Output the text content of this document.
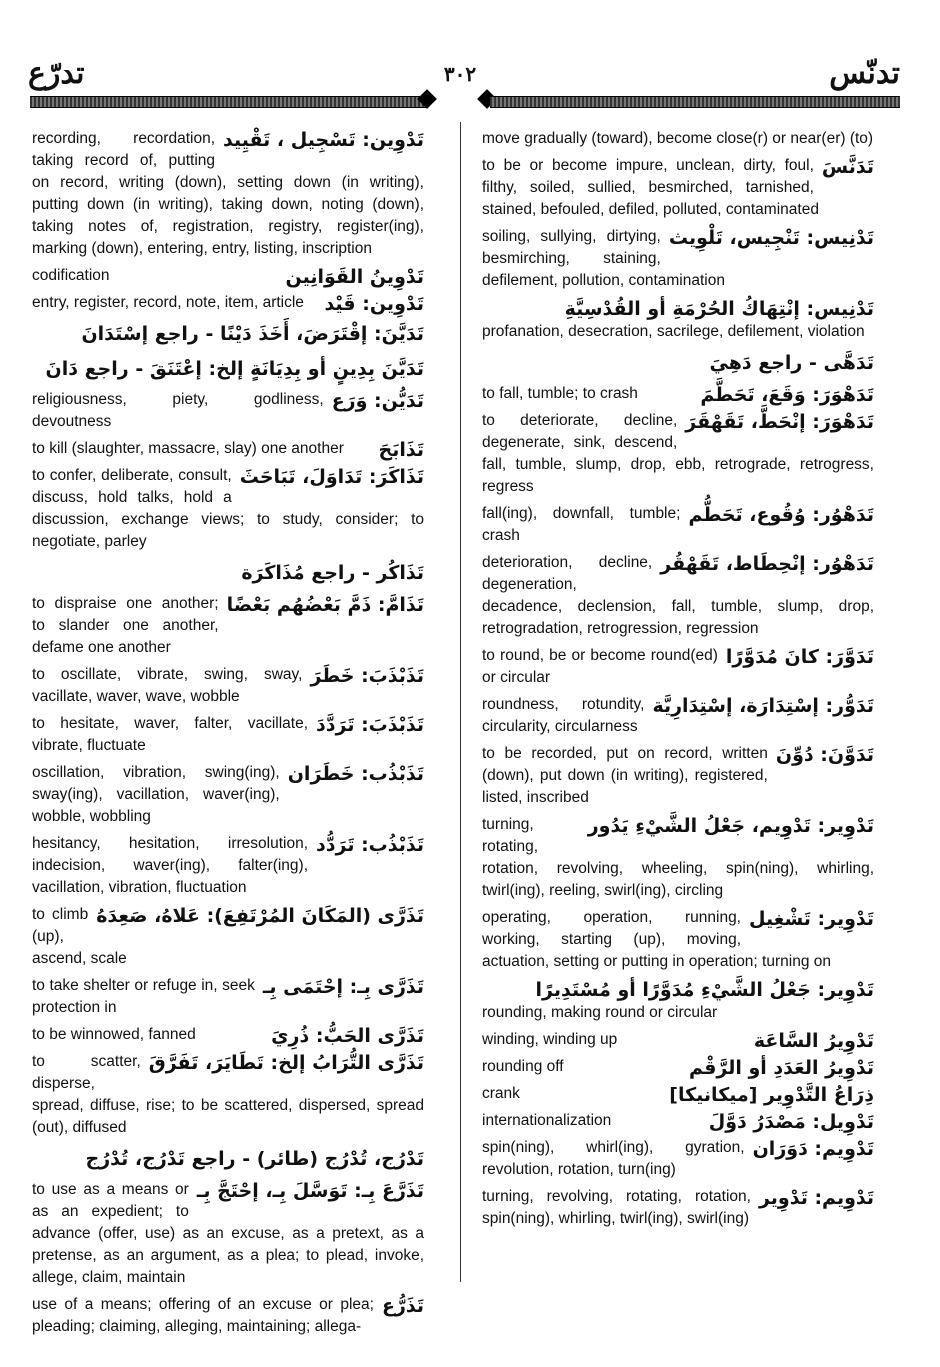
تدرّع	٣٠٢	تدنّس
تَدْوِين: تَسْجِيل ، تَقْيِيد
recording, recordation, taking record of, putting on record, writing (down), setting down (in writing), putting down (in writing), taking down, noting (down), taking notes of, registration, registry, register(ing), marking (down), entering, entry, listing, inscription
تَدْوِينُ القَوَانِين
codification
تَدْوِين: قَيْد
entry, register, record, note, item, article
تَدَيَّنَ: إقْتَرَضَ، أَخَذَ دَيْنًا - راجع إسْتَدَانَ
تَدَيَّنَ بِدِينٍ أو بِدِيَانَةٍ إلخ: إعْتَنَقَ - راجع دَانَ
تَدَيُّن: وَرَع
religiousness, piety, godliness, devoutness
تَذَابَحَ
to kill (slaughter, massacre, slay) one another
تَذَاكَرَ: تَدَاوَلَ، تَبَاحَثَ
to confer, deliberate, consult, discuss, hold talks, hold a discussion, exchange views; to study, consider; to negotiate, parley
تَذَاكُر - راجع مُذَاكَرَة
تَذَامَّ: ذَمَّ بَعْضُهُم بَعْضًا
to dispraise one another; to slander one another, defame one another
تَذَبْذَبَ: خَطَرَ
to oscillate, vibrate, swing, sway, vacillate, waver, wave, wobble
تَذَبْذَبَ: تَرَدَّدَ
to hesitate, waver, falter, vacillate, vibrate, fluctuate
تَذَبْذُب: خَطَرَان
oscillation, vibration, swing(ing), sway(ing), vacillation, waver(ing), wobble, wobbling
تَذَبْذُب: تَرَدُّد
hesitancy, hesitation, irresolution, indecision, waver(ing), falter(ing), vacillation, vibration, fluctuation
تَذَرَّى (المَكَانَ المُرْتَفِعَ): عَلاهُ، صَعِدَهُ
to climb (up), ascend, scale
تَذَرَّى بِـ: إحْتَمَى بِـ
to take shelter or refuge in, seek protection in
تَذَرَّى الحَبُّ: ذُرِيَ
to be winnowed, fanned
تَذَرَّى التُّرَابُ إلخ: تَطَايَرَ، تَفَرَّقَ
to scatter, disperse, spread, diffuse, rise; to be scattered, dispersed, spread (out), diffused
تَدْرُج، تُدْرُج (طائر) - راجع تَدْرُج، تُدْرُج
تَذَرَّعَ بِـ: تَوَسَّلَ بِـ، إحْتَجَّ بِـ
to use as a means or as an expedient; to advance (offer, use) as an excuse, as a pretext, as a pretense, as an argument, as a plea; to plead, invoke, allege, claim, maintain
تَذَرُّع
use of a means; offering of an excuse or plea; pleading; claiming, alleging, maintaining; allega-
move gradually (toward), become close(r) or near(er) (to)
تَدَنَّسَ
to be or become impure, unclean, dirty, foul, filthy, soiled, sullied, besmirched, tarnished, stained, befouled, defiled, polluted, contaminated
تَدْنِيس: تَنْجِيس، تَلْوِيث
soiling, sullying, dirtying, besmirching, staining, defilement, pollution, contamination
تَدْنِيس: إنْتِهَاكُ الحُرْمَةِ أو القُدْسِيَّةِ
profanation, desecration, sacrilege, defilement, violation
تَدَهَّى - راجع دَهِيَ
تَدَهْوَرَ: وَقَعَ، تَحَطَّمَ
to fall, tumble; to crash
تَدَهْوَرَ: إنْحَطَّ، تَقَهْقَرَ
to deteriorate, decline, degenerate, sink, descend, fall, tumble, slump, drop, ebb, retrograde, retrogress, regress
تَدَهْوُر: وُقُوع، تَحَطُّم
fall(ing), downfall, tumble; crash
تَدَهْوُر: إنْحِطَاط، تَقَهْقُر
deterioration, decline, degeneration, decadence, declension, fall, tumble, slump, drop, retrogradation, retrogression, regression
تَدَوَّرَ: كانَ مُدَوَّرًا
to round, be or become round(ed) or circular
تَدَوُّر: إسْتِدَارَة، إسْتِدَارِيَّة
roundness, rotundity, circularity, circularness
تَدَوَّنَ: دُوِّنَ
to be recorded, put on record, written (down), put down (in writing), registered, listed, inscribed
تَدْوِير: تَدْوِيم، جَعْلُ الشَّيْءِ يَدُور
turning, rotating, rotation, revolving, wheeling, spin(ning), whirling, twirl(ing), reeling, swirl(ing), circling
تَدْوِير: تَشْغِيل
operating, operation, running, working, starting (up), moving, actuation, setting or putting in operation; turning on
تَدْوِير: جَعْلُ الشَّيْءِ مُدَوَّرًا أو مُسْتَدِيرًا
rounding, making round or circular
تَدْوِيرُ السَّاعَة
winding, winding up
تَدْوِيرُ العَدَدِ أو الرَّقْم
rounding off
ذِرَاعُ التَّدْوِير [ميكانيكا]
crank
تَدْوِيل: مَصْدَرُ دَوَّلَ
internationalization
تَدْوِيم: دَوَرَان
spin(ning), whirl(ing), gyration, revolution, rotation, turn(ing)
تَدْوِيم: تَدْوِير
turning, revolving, rotating, rotation, spin(ning), whirling, twirl(ing), swirl(ing)
